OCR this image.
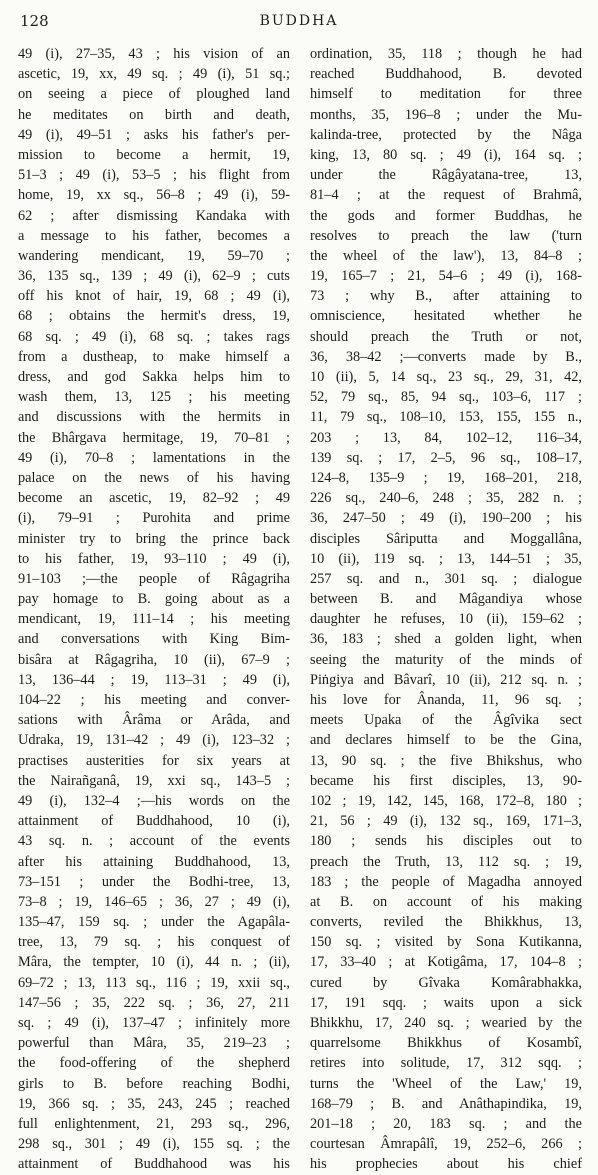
128	BUDDHA
49 (i), 27–35, 43 ; his vision of an
ascetic, 19, xx, 49 sq. ; 49 (i), 51 sq.;
on seeing a piece of ploughed land
he meditates on birth and death,
49 (i), 49–51 ; asks his father's per-
mission to become a hermit, 19,
51–3 ; 49 (i), 53–5 ; his flight from
home, 19, xx sq., 56–8 ; 49 (i), 59-
62 ; after dismissing Kandaka with
a message to his father, becomes a
wandering mendicant, 19, 59–70 ;
36, 135 sq., 139 ; 49 (i), 62–9 ; cuts
off his knot of hair, 19, 68 ; 49 (i),
68 ; obtains the hermit's dress, 19,
68 sq. ; 49 (i), 68 sq. ; takes rags
from a dustheap, to make himself a
dress, and god Sakka helps him to
wash them, 13, 125 ; his meeting
and discussions with the hermits in
the Bhârgava hermitage, 19, 70–81 ;
49 (i), 70–8 ; lamentations in the
palace on the news of his having
become an ascetic, 19, 82–92 ; 49
(i), 79–91 ; Purohita and prime
minister try to bring the prince back
to his father, 19, 93–110 ; 49 (i),
91–103 ;—the people of Râgagriha
pay homage to B. going about as a
mendicant, 19, 111–14 ; his meeting
and conversations with King Bim-
bisâra at Râgagriha, 10 (ii), 67–9 ;
13, 136–44 ; 19, 113–31 ; 49 (i),
104–22 ; his meeting and conver-
sations with Ârâma or Arâda, and
Udraka, 19, 131–42 ; 49 (i), 123–32 ;
practises austerities for six years at
the Nairañganâ, 19, xxi sq., 143–5 ;
49 (i), 132–4 ;—his words on the
attainment of Buddhahood, 10 (i),
43 sq. n. ; account of the events
after his attaining Buddhahood, 13,
73–151 ; under the Bodhi-tree, 13,
73–8 ; 19, 146–65 ; 36, 27 ; 49 (i),
135–47, 159 sq. ; under the Agapâla-
tree, 13, 79 sq. ; his conquest of
Mâra, the tempter, 10 (i), 44 n. ; (ii),
69–72 ; 13, 113 sq., 116 ; 19, xxii sq.,
147–56 ; 35, 222 sq. ; 36, 27, 211
sq. ; 49 (i), 137–47 ; infinitely more
powerful than Mâra, 35, 219–23 ;
the food-offering of the shepherd
girls to B. before reaching Bodhi,
19, 366 sq. ; 35, 243, 245 ; reached
full enlightenment, 21, 293 sq., 296,
298 sq., 301 ; 49 (i), 155 sq. ; the
attainment of Buddhahood was his
ordination, 35, 118 ; though he had
reached Buddhahood, B. devoted
himself to meditation for three
months, 35, 196–8 ; under the Mu-
kalinda-tree, protected by the Nâga
king, 13, 80 sq. ; 49 (i), 164 sq. ;
under the Râgâyatana-tree, 13,
81–4 ; at the request of Brahmâ,
the gods and former Buddhas, he
resolves to preach the law ('turn
the wheel of the law'), 13, 84–8 ;
19, 165–7 ; 21, 54–6 ; 49 (i), 168-
73 ; why B., after attaining to
omniscience, hesitated whether he
should preach the Truth or not,
36, 38–42 ;—converts made by B.,
10 (ii), 5, 14 sq., 23 sq., 29, 31, 42,
52, 79 sq., 85, 94 sq., 103–6, 117 ;
11, 79 sq., 108–10, 153, 155, 155 n.,
203 ; 13, 84, 102–12, 116–34,
139 sq. ; 17, 2–5, 96 sq., 108–17,
124–8, 135–9 ; 19, 168–201, 218,
226 sq., 240–6, 248 ; 35, 282 n. ;
36, 247–50 ; 49 (i), 190–200 ; his
disciples Sâriputta and Moggallâna,
10 (ii), 119 sq. ; 13, 144–51 ; 35,
257 sq. and n., 301 sq. ; dialogue
between B. and Mâgandiya whose
daughter he refuses, 10 (ii), 159–62 ;
36, 183 ; shed a golden light, when
seeing the maturity of the minds of
Piṅgiya and Bâvarî, 10 (ii), 212 sq. n. ;
his love for Ânanda, 11, 96 sq. ;
meets Upaka of the Âgîvika sect
and declares himself to be the Gina,
13, 90 sq. ; the five Bhikshus, who
became his first disciples, 13, 90-
102 ; 19, 142, 145, 168, 172–8, 180 ;
21, 56 ; 49 (i), 132 sq., 169, 171–3,
180 ; sends his disciples out to
preach the Truth, 13, 112 sq. ; 19,
183 ; the people of Magadha annoyed
at B. on account of his making
converts, reviled the Bhikkhus, 13,
150 sq. ; visited by Sona Kutikanna,
17, 33–40 ; at Kotigâma, 17, 104–8 ;
cured by Gîvaka Komârabhakka,
17, 191 sqq. ; waits upon a sick
Bhikkhu, 17, 240 sq. ; wearied by the
quarrelsome Bhikkhus of Kosambî,
retires into solitude, 17, 312 sqq. ;
turns the 'Wheel of the Law,' 19,
168–79 ; B. and Anâthapindika, 19,
201–18 ; 20, 183 sq. ; and the
courtesan Âmrapâlî, 19, 252–6, 266 ;
his prophecies about his chief
